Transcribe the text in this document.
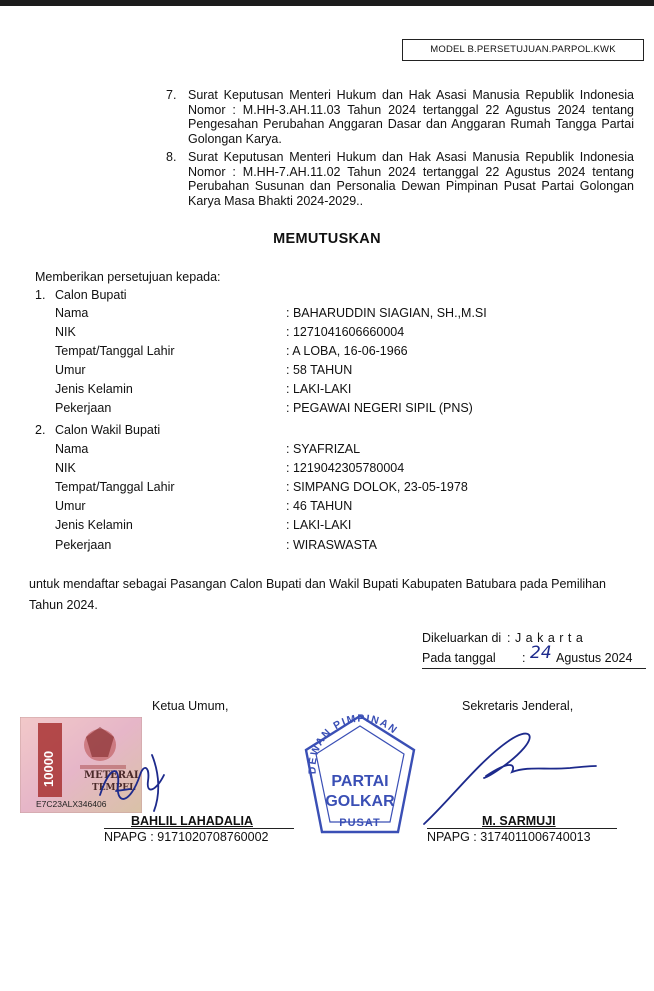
MODEL B.PERSETUJUAN.PARPOL.KWK
7. Surat Keputusan Menteri Hukum dan Hak Asasi Manusia Republik Indonesia Nomor : M.HH-3.AH.11.03 Tahun 2024 tertanggal 22 Agustus 2024 tentang Pengesahan Perubahan Anggaran Dasar dan Anggaran Rumah Tangga Partai Golongan Karya.
8. Surat Keputusan Menteri Hukum dan Hak Asasi Manusia Republik Indonesia Nomor : M.HH-7.AH.11.02 Tahun 2024 tertanggal 22 Agustus 2024 tentang Perubahan Susunan dan Personalia Dewan Pimpinan Pusat Partai Golongan Karya Masa Bhakti 2024-2029..
MEMUTUSKAN
Memberikan persetujuan kepada:
1. Calon Bupati
Nama	: BAHARUDDIN SIAGIAN, SH.,M.SI
NIK	: 1271041606660004
Tempat/Tanggal Lahir	: A LOBA, 16-06-1966
Umur	: 58 TAHUN
Jenis Kelamin	: LAKI-LAKI
Pekerjaan	: PEGAWAI NEGERI SIPIL (PNS)
2. Calon Wakil Bupati
Nama	: SYAFRIZAL
NIK	: 1219042305780004
Tempat/Tanggal Lahir	: SIMPANG DOLOK, 23-05-1978
Umur	: 46 TAHUN
Jenis Kelamin	: LAKI-LAKI
Pekerjaan	: WIRASWASTA
untuk mendaftar sebagai Pasangan Calon Bupati dan Wakil Bupati Kabupaten Batubara pada Pemilihan Tahun 2024.
Dikeluarkan di : J a k a r t a
Pada tanggal : 24 Agustus 2024
Ketua Umum,	Sekretaris Jenderal,
10000	METERAI
TEMPEL
E7C23ALX346406
DEWAN PIMPINAN
PARTAI
GOLKAR
PUSAT
BAHLIL LAHADALIA
NPAPG : 9171020708760002
M. SARMUJI
NPAPG : 3174011006740013
